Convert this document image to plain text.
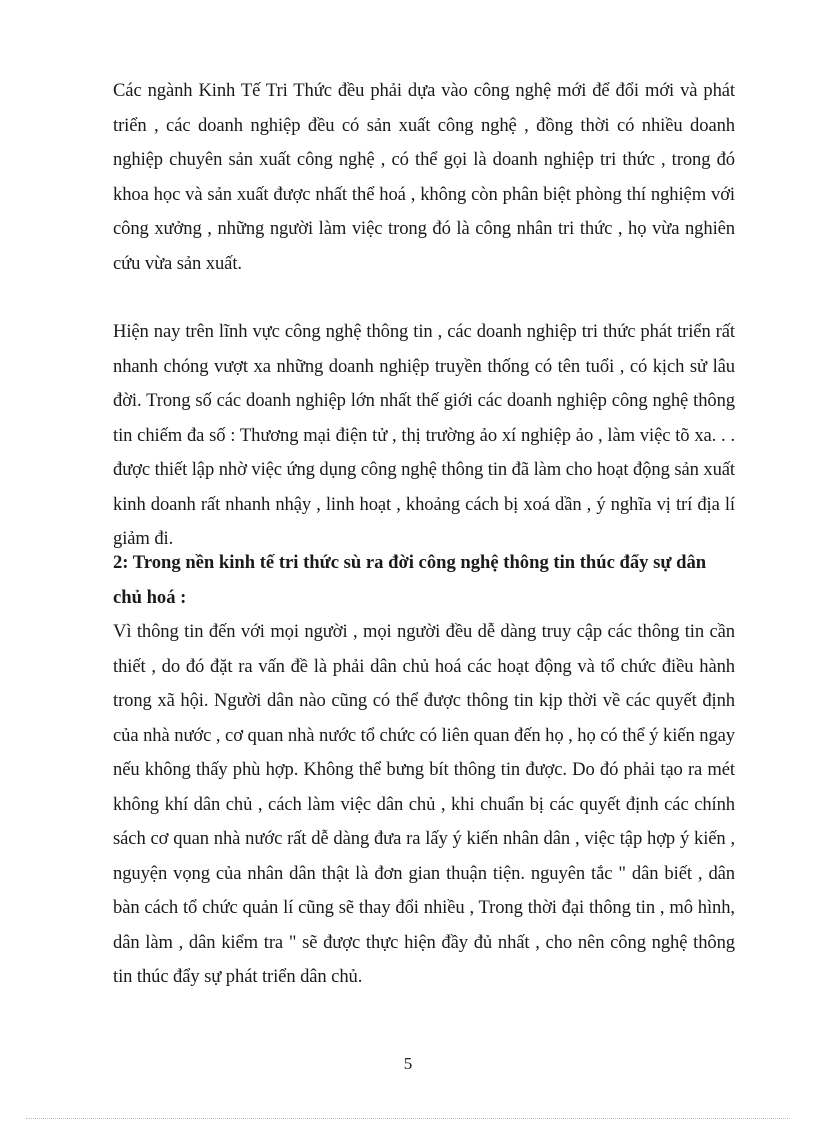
Các ngành Kinh Tế Tri Thức đều phải dựa vào công nghệ mới để đổi mới và phát triển , các doanh nghiệp đều có sản xuất công nghệ , đồng thời có nhiều doanh nghiệp chuyên sản xuất công nghệ , có thể gọi là doanh nghiệp tri thức , trong đó khoa học và sản xuất được nhất thể hoá , không còn phân biệt phòng thí nghiệm với công xưởng , những người làm việc trong đó là công nhân tri thức , họ vừa nghiên cứu vừa sản xuất.

Hiện nay trên lĩnh vực công nghệ thông tin , các doanh nghiệp tri thức phát triển rất nhanh chóng vượt xa những doanh nghiệp truyền thống có tên tuổi , có kịch sử lâu đời. Trong số các doanh nghiệp lớn nhất thế giới các doanh nghiệp công nghệ thông tin chiếm đa số : Thương mại điện tử , thị trường ảo xí nghiệp ảo , làm việc tõ xa. . . được thiết lập nhờ việc ứng dụng công nghệ thông tin đã làm cho hoạt động sản xuất kinh doanh rất nhanh nhậy , linh hoạt , khoảng cách bị xoá dần , ý nghĩa vị trí địa lí giảm đi.

2: Trong nền kinh tế tri thức sù ra đời công nghệ thông tin thúc đẩy sự dân chủ hoá :

Vì thông tin đến với mọi người , mọi người đều dễ dàng truy cập các thông tin cần thiết , do đó đặt ra vấn đề là phải dân chủ hoá các hoạt động và tổ chức điều hành trong xã hội. Người dân nào cũng có thể được thông tin kịp thời về các quyết định của nhà nước , cơ quan nhà nước tổ chức có liên quan đến họ , họ có thể ý kiến ngay nếu không thấy phù hợp. Không thể bưng bít thông tin được. Do đó phải tạo ra mét không khí dân chủ , cách làm việc dân chủ , khi chuẩn bị các quyết định các chính sách cơ quan nhà nước rất dễ dàng đưa ra lấy ý kiến nhân dân , việc tập hợp ý kiến , nguyện vọng của nhân dân thật là đơn gian thuận tiện. nguyên tắc " dân biết , dân bàn cách tổ chức quản lí cũng sẽ thay đổi nhiều , Trong thời đại thông tin , mô hình, dân làm , dân kiểm tra " sẽ được thực hiện đầy đủ nhất , cho nên công nghệ thông tin thúc đẩy sự phát triển dân chủ.

5
